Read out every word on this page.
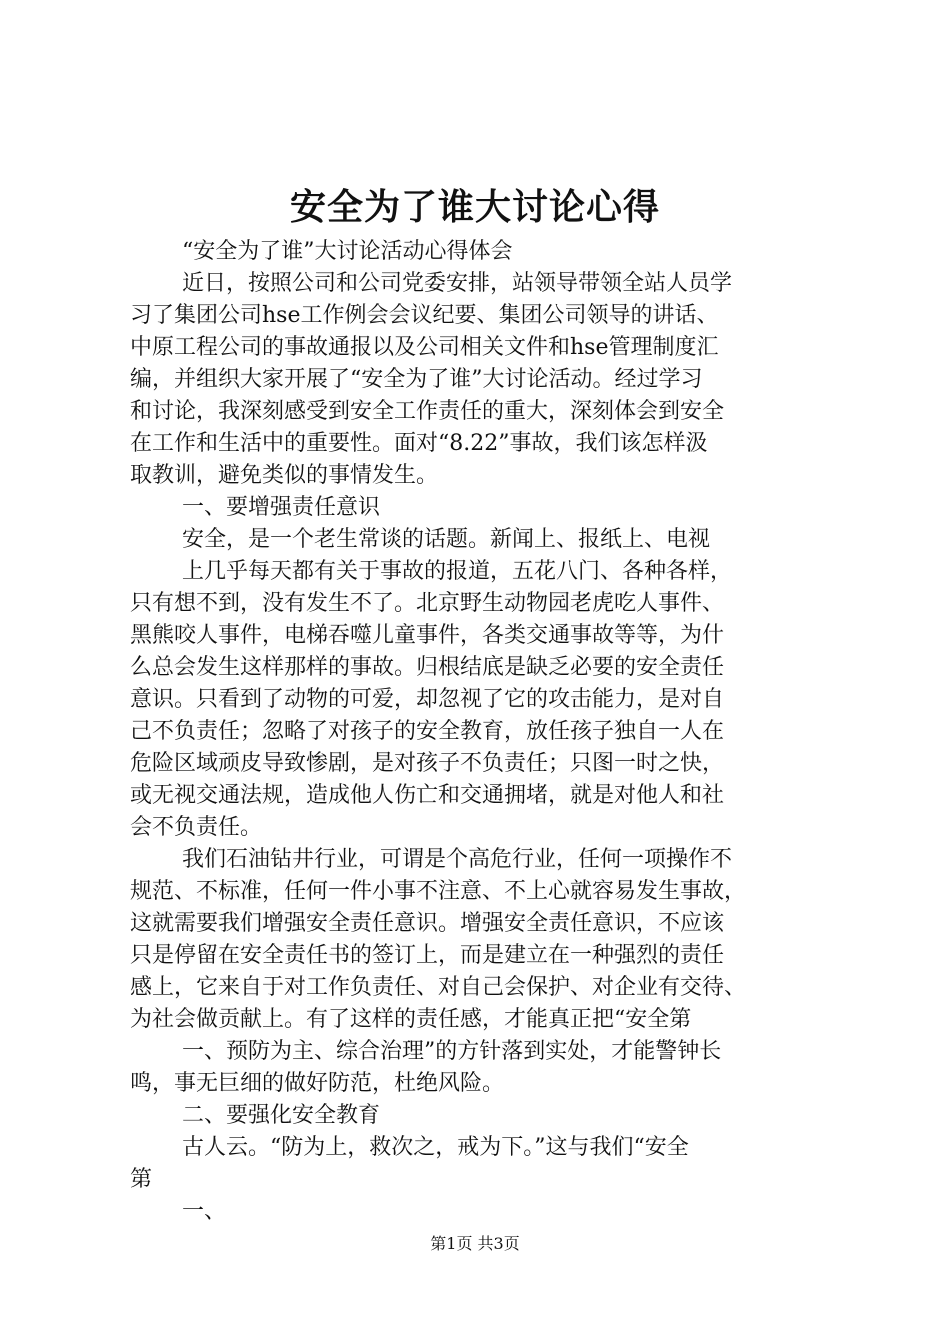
安全为了谁大讨论心得
“安全为了谁”大讨论活动心得体会
近日，按照公司和公司党委安排，站领导带领全站人员学
习了集团公司hse工作例会会议纪要、集团公司领导的讲话、
中原工程公司的事故通报以及公司相关文件和hse管理制度汇
编，并组织大家开展了“安全为了谁”大讨论活动。经过学习
和讨论，我深刻感受到安全工作责任的重大，深刻体会到安全
在工作和生活中的重要性。面对“8.22”事故，我们该怎样汲
取教训，避免类似的事情发生。
一、要增强责任意识
安全，是一个老生常谈的话题。新闻上、报纸上、电视
上几乎每天都有关于事故的报道，五花八门、各种各样，
只有想不到，没有发生不了。北京野生动物园老虎吃人事件、
黑熊咬人事件，电梯吞噬儿童事件，各类交通事故等等，为什
么总会发生这样那样的事故。归根结底是缺乏必要的安全责任
意识。只看到了动物的可爱，却忽视了它的攻击能力，是对自
己不负责任；忽略了对孩子的安全教育，放任孩子独自一人在
危险区域顽皮导致惨剧，是对孩子不负责任；只图一时之快，
或无视交通法规，造成他人伤亡和交通拥堵，就是对他人和社
会不负责任。
我们石油钻井行业，可谓是个高危行业，任何一项操作不
规范、不标准，任何一件小事不注意、不上心就容易发生事故，
这就需要我们增强安全责任意识。增强安全责任意识，不应该
只是停留在安全责任书的签订上，而是建立在一种强烈的责任
感上，它来自于对工作负责任、对自己会保护、对企业有交待、
为社会做贡献上。有了这样的责任感，才能真正把“安全第
一、预防为主、综合治理”的方针落到实处，才能警钟长
鸣，事无巨细的做好防范，杜绝风险。
二、要强化安全教育
古人云。“防为上，救次之，戒为下。”这与我们“安全
第
一、
第1页 共3页
